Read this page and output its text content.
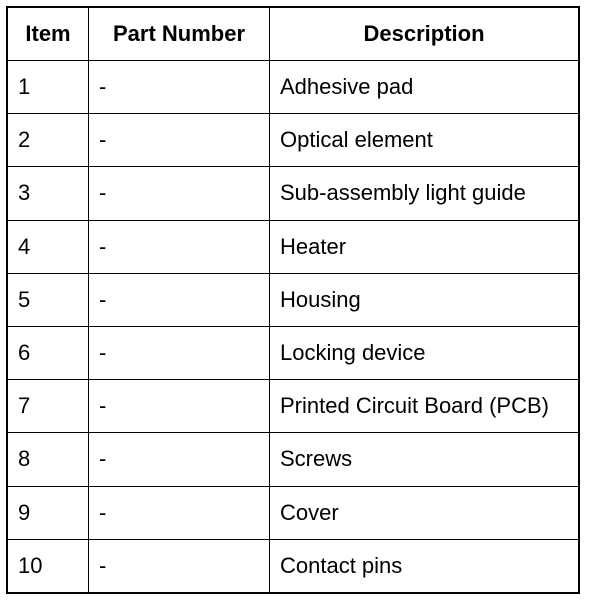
Item	Part Number	Description
1	-	Adhesive pad
2	-	Optical element
3	-	Sub-assembly light guide
4	-	Heater
5	-	Housing
6	-	Locking device
7	-	Printed Circuit Board (PCB)
8	-	Screws
9	-	Cover
10	-	Contact pins
